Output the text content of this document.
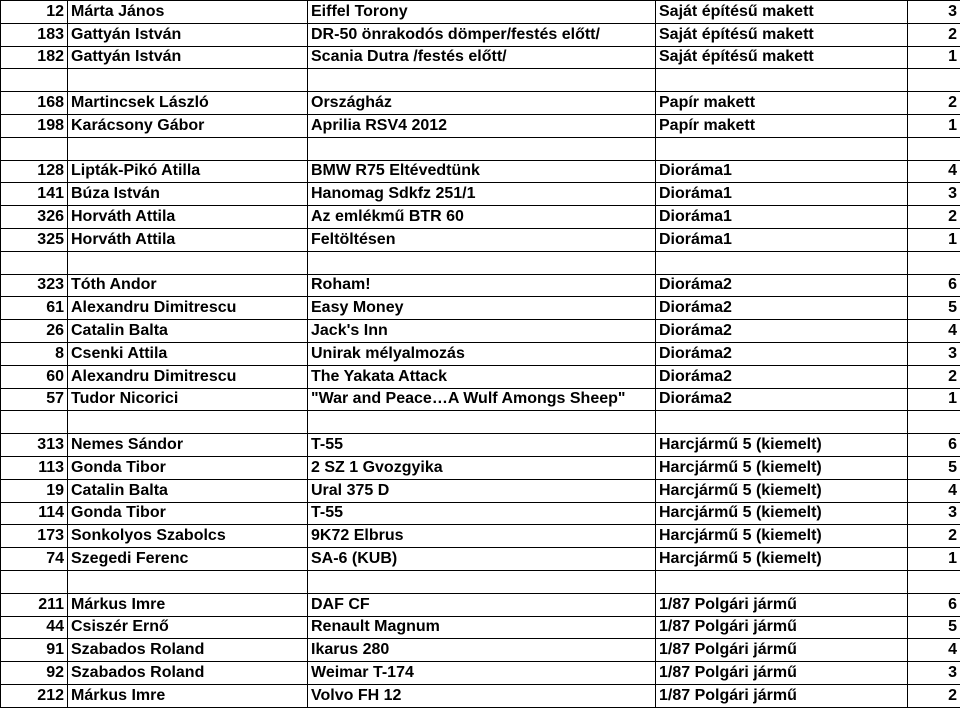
12	Márta János	Eiffel Torony	Saját építésű makett	3
183	Gattyán István	DR-50 önrakodós dömper/festés előtt/	Saját építésű makett	2
182	Gattyán István	Scania Dutra /festés előtt/	Saját építésű makett	1

168	Martincsek László	Országház	Papír makett	2
198	Karácsony Gábor	Aprilia RSV4 2012	Papír makett	1

128	Lipták-Pikó Atilla	BMW R75 Eltévedtünk	Dioráma1	4
141	Búza István	Hanomag Sdkfz 251/1	Dioráma1	3
326	Horváth Attila	Az emlékmű BTR 60	Dioráma1	2
325	Horváth Attila	Feltöltésen	Dioráma1	1

323	Tóth Andor	Roham!	Dioráma2	6
61	Alexandru Dimitrescu	Easy Money	Dioráma2	5
26	Catalin Balta	Jack's Inn	Dioráma2	4
8	Csenki Attila	Unirak mélyalmozás	Dioráma2	3
60	Alexandru Dimitrescu	The Yakata Attack	Dioráma2	2
57	Tudor Nicorici	"War and Peace…A Wulf Amongs Sheep"	Dioráma2	1

313	Nemes Sándor	T-55	Harcjármű 5 (kiemelt)	6
113	Gonda Tibor	2 SZ 1 Gvozgyika	Harcjármű 5 (kiemelt)	5
19	Catalin Balta	Ural 375 D	Harcjármű 5 (kiemelt)	4
114	Gonda Tibor	T-55	Harcjármű 5 (kiemelt)	3
173	Sonkolyos Szabolcs	9K72 Elbrus	Harcjármű 5 (kiemelt)	2
74	Szegedi Ferenc	SA-6 (KUB)	Harcjármű 5 (kiemelt)	1

211	Márkus Imre	DAF CF	1/87 Polgári jármű	6
44	Csiszér Ernő	Renault Magnum	1/87 Polgári jármű	5
91	Szabados Roland	Ikarus 280	1/87 Polgári jármű	4
92	Szabados Roland	Weimar T-174	1/87 Polgári jármű	3
212	Márkus Imre	Volvo FH 12	1/87 Polgári jármű	2
